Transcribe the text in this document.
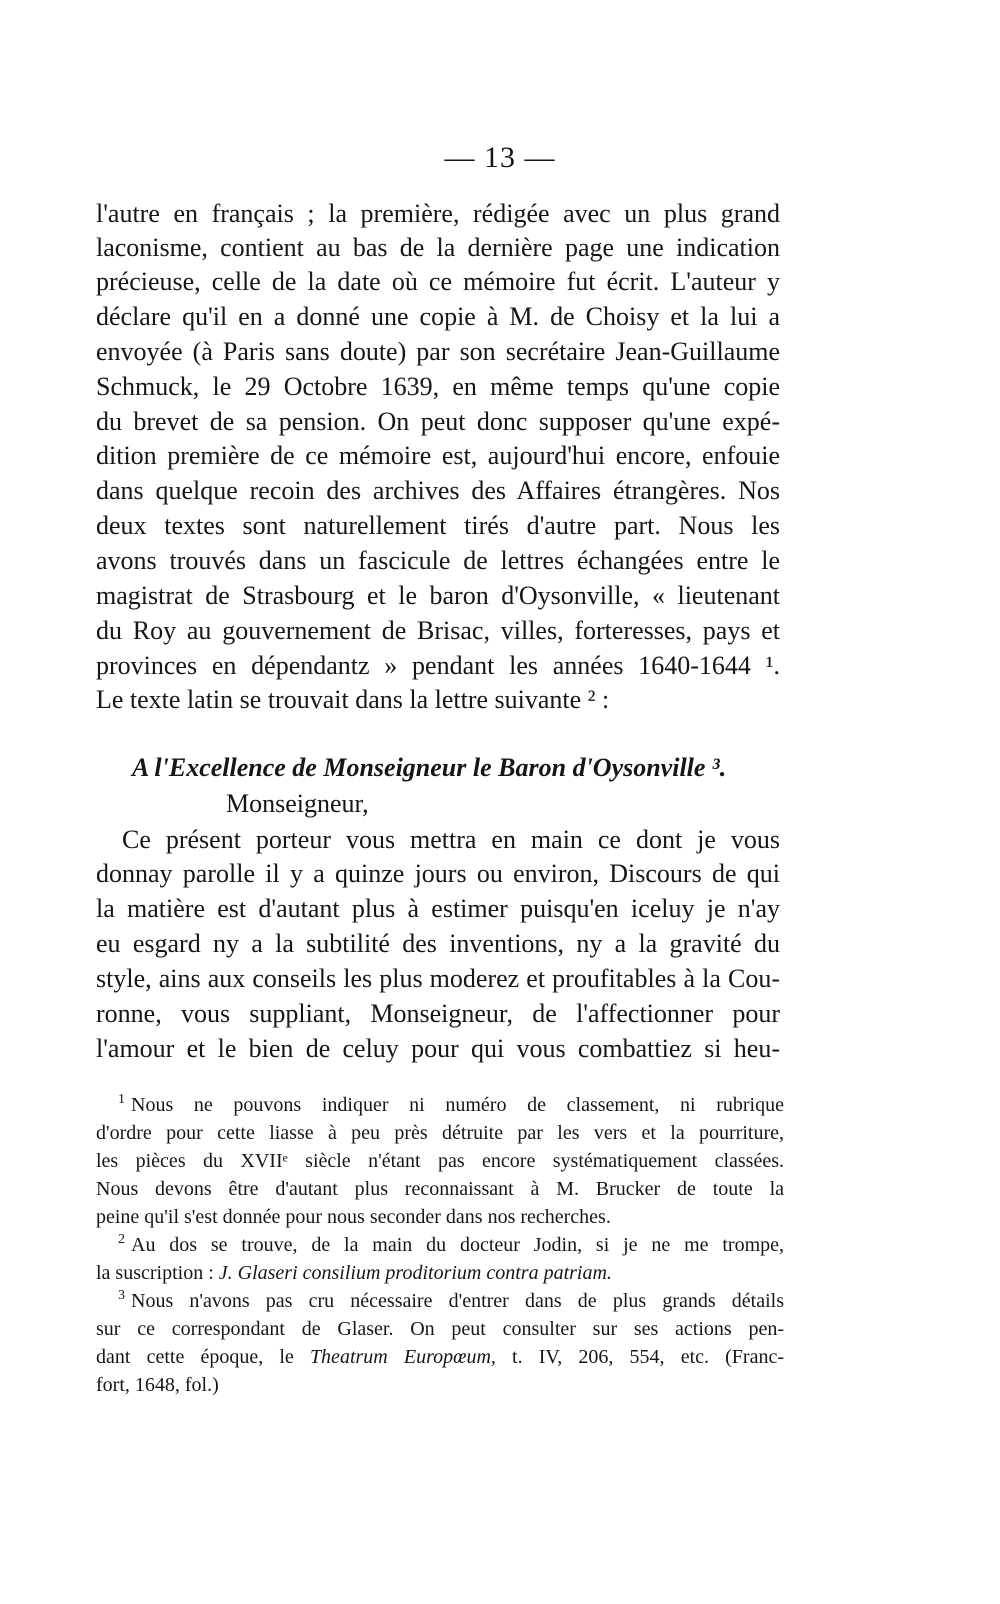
— 13 —
l'autre en français ; la première, rédigée avec un plus grand
laconisme, contient au bas de la dernière page une indication
précieuse, celle de la date où ce mémoire fut écrit. L'auteur y
déclare qu'il en a donné une copie à M. de Choisy et la lui a
envoyée (à Paris sans doute) par son secrétaire Jean-Guillaume
Schmuck, le 29 Octobre 1639, en même temps qu'une copie
du brevet de sa pension. On peut donc supposer qu'une expé-
dition première de ce mémoire est, aujourd'hui encore, enfouie
dans quelque recoin des archives des Affaires étrangères. Nos
deux textes sont naturellement tirés d'autre part. Nous les
avons trouvés dans un fascicule de lettres échangées entre le
magistrat de Strasbourg et le baron d'Oysonville, « lieutenant
du Roy au gouvernement de Brisac, villes, forteresses, pays et
provinces en dépendantz » pendant les années 1640-1644 ¹.
Le texte latin se trouvait dans la lettre suivante ² :
A l'Excellence de Monseigneur le Baron d'Oysonville ³.
Monseigneur,
Ce présent porteur vous mettra en main ce dont je vous
donnay parolle il y a quinze jours ou environ, Discours de qui
la matière est d'autant plus à estimer puisqu'en iceluy je n'ay
eu esgard ny a la subtilité des inventions, ny a la gravité du
style, ains aux conseils les plus moderez et proufitables à la Cou-
ronne, vous suppliant, Monseigneur, de l'affectionner pour
l'amour et le bien de celuy pour qui vous combattiez si heu-
$^1$ Nous ne pouvons indiquer ni numéro de classement, ni rubrique
d'ordre pour cette liasse à peu près détruite par les vers et la pourriture,
les pièces du XVIIᵉ siècle n'étant pas encore systématiquement classées.
Nous devons être d'autant plus reconnaissant à M. Brucker de toute la
peine qu'il s'est donnée pour nous seconder dans nos recherches.
$^2$ Au dos se trouve, de la main du docteur Jodin, si je ne me trompe,
la suscription : J. Glaseri consilium proditorium contra patriam.
$^3$ Nous n'avons pas cru nécessaire d'entrer dans de plus grands détails
sur ce correspondant de Glaser. On peut consulter sur ses actions pen-
dant cette époque, le Theatrum Europœum, t. IV, 206, 554, etc. (Franc-
fort, 1648, fol.)
